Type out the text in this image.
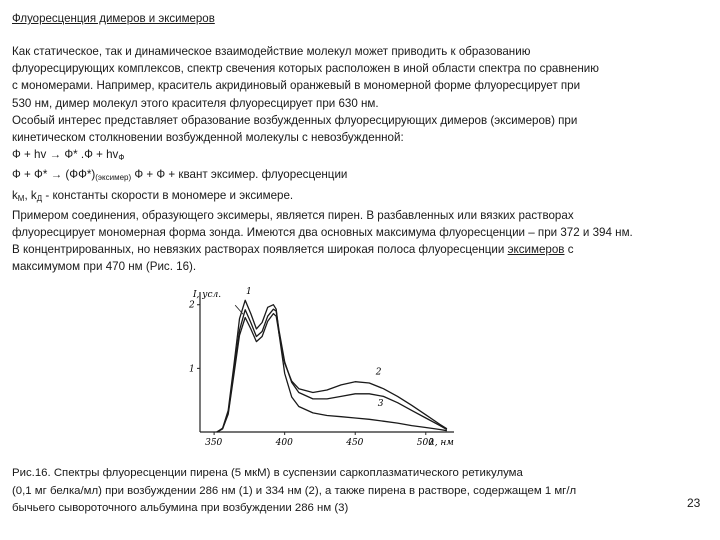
Флуоресценция димеров и эксимеров
Как статическое, так и динамическое взаимодействие молекул может приводить к образованию
флуоресцирующих комплексов, спектр свечения которых расположен в иной области спектра по сравнению
с мономерами. Например, краситель акридиновый оранжевый в мономерной форме флуоресцирует при
530 нм, димер молекул этого красителя флуоресцирует при 630 нм.
Особый интерес представляет образование возбужденных флуоресцирующих димеров (эксимеров) при
кинетическом столкновении возбужденной молекулы с невозбужденной:
Ф + hv → Ф* $.Ф + hv_Ф$
$Ф + Ф* \to (ФФ*)_{(эксимер)}$ Ф + Ф + квант эксимер. флуоресценции
$k_M$, $k_Д$ - константы скорости в мономере и эксимере.
Примером соединения, образующего эксимеры, является пирен. В разбавленных или вязких растворах
флуоресцирует мономерная форма зонда. Имеются два основных максимума флуоресценции – при 372 и 394 нм.
В концентрированных, но невязких растворах появляется широкая полоса флуоресценции эксимеров с
максимумом при 470 нм (Рис. 16).
I, усл.
λ, нм
1
2
350	400	450	500
1
2
3
Рис.16. Спектры флуоресценции пирена (5 мкМ) в суспензии саркоплазматического ретикулума
(0,1 мг белка/мл) при возбуждении 286 нм (1) и 334 нм (2), а также пирена в растворе, содержащем 1 мг/л
бычьего сывороточного альбумина при возбуждении 286 нм (3)	23
